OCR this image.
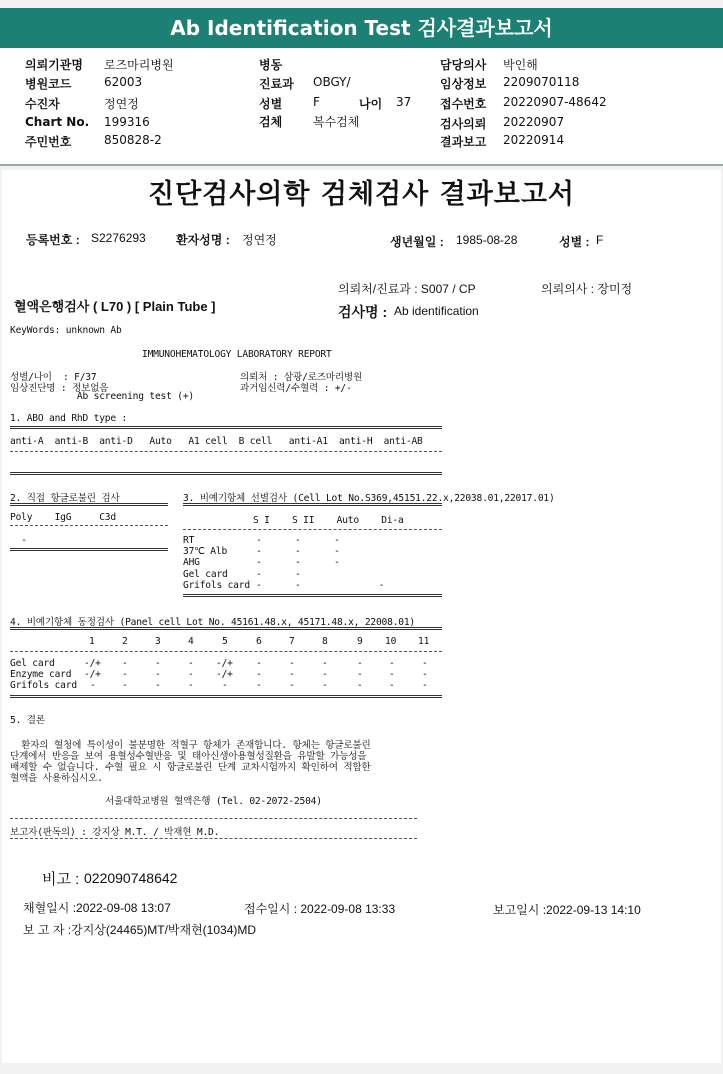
Ab Identification Test 검사결과보고서
의뢰기관명 로즈마리병원
병원코드	62003
수진자	정연정
Chart No. 199316
주민번호	850828-2
병동
진료과 OBGY/
성별	F	나이 37
검체	복수검체
담당의사 박인해
임상정보 2209070118
접수번호 20220907-48642
검사의뢰 20220907
결과보고 20220914
진단검사의학 검체검사 결과보고서
등록번호 : S2276293	환자성명 : 정연정	생년월일 : 1985-08-28	성별 : F
의뢰처/진료과 : S007 / CP	의뢰의사 : 장미정
혈액은행검사 ( L70 ) [ Plain Tube ]	검사명 : Ab identification
KeyWords: unknown Ab
IMMUNOHEMATOLOGY LABORATORY REPORT
성별/나이  : F/37
임상진단명 : 정보없음
Ab screening test (+)
의뢰처 : 삼광/로즈마리병원
과거임신력/수혈력 : +/-
1. ABO and RhD type :
anti-A  anti-B  anti-D   Auto   A1 cell  B cell   anti-A1  anti-H  anti-AB
2. 직접 항글로불린 검사
Poly    IgG     C3d
-
3. 비예기항체 선별검사 (Cell Lot No.S369,45151.22.x,22038.01,22017.01)
S I    S II    Auto    Di-a
RT	-      -      -
37℃ Alb	-      -      -
AHG	-      -      -
Gel card	-      -
Grifols card -      -              -
4. 비예기항체 동정검사 (Panel cell Lot No. 45161.48.x, 45171.48.x, 22008.01)
1	2	3	4	5	6	7	8	9 10 11
Gel card	-/+ -	-	- -/+ -	-	-	-	-	-
Enzyme card -/+ -	-	- -/+ -	-	-	-	-	-
Grifols card -	-	-	-	-	-	-	-	-	-	-
5. 결론
환자의 혈청에 특이성이 불분명한 적혈구 항체가 존재합니다. 항체는 항글로불린
단계에서 반응을 보여 용혈성수혈반응 및 태아신생아용혈성질환을 유발할 가능성을
배제할 수 없습니다. 수혈 필요 시 항글로불린 단계 교차시험까지 확인하여 적합한
혈액을 사용하십시오.
서울대학교병원 혈액은행 (Tel. 02-2072-2504)
보고자(판독의) : 강지상 M.T. / 박재현 M.D.
비고 : 022090748642
채혈일시 :2022-09-08 13:07	접수일시 : 2022-09-08 13:33	보고일시 :2022-09-13 14:10
보 고 자 :강지상(24465)MT/박재현(1034)MD
